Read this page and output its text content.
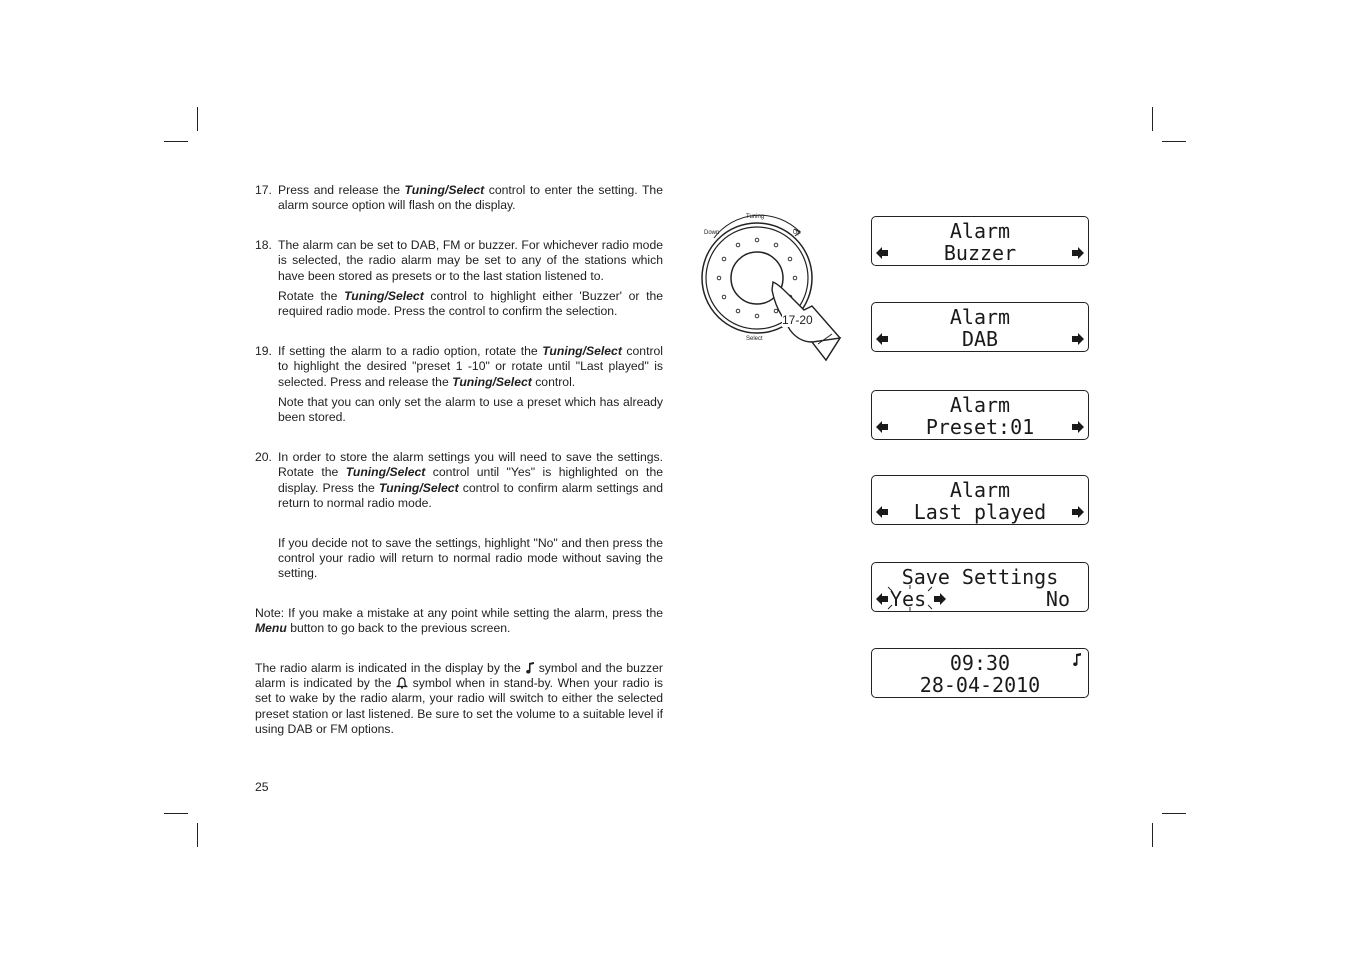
17. Press and release the Tuning/Select control to enter the setting. The alarm source option will flash on the display.

18. The alarm can be set to DAB, FM or buzzer. For whichever radio mode is selected, the radio alarm may be set to any of the stations which have been stored as presets or to the last station listened to.

Rotate the Tuning/Select control to highlight either 'Buzzer' or the required radio mode. Press the control to confirm the selection.

19. If setting the alarm to a radio option, rotate the Tuning/Select control to highlight the desired "preset 1 -10" or rotate until "Last played" is selected. Press and release the Tuning/Select control.

Note that you can only set the alarm to use a preset which has already been stored.

20. In order to store the alarm settings you will need to save the settings. Rotate the Tuning/Select control until "Yes" is highlighted on the display. Press the Tuning/Select control to confirm alarm settings and return to normal radio mode.

If you decide not to save the settings, highlight "No" and then press the control your radio will return to normal radio mode without saving the setting.

Note: If you make a mistake at any point while setting the alarm, press the Menu button to go back to the previous screen.

The radio alarm is indicated in the display by the  symbol and the buzzer alarm is indicated by the  symbol when in stand-by. When your radio is set to wake by the radio alarm, your radio will switch to either the selected preset station or last listened. Be sure to set the volume to a suitable level if using DAB or FM options.

25
Tuning
Down	Up
Select
17-20
Alarm
Buzzer
Alarm
DAB
Alarm
Preset:01
Alarm
Last played
Save Settings
Yes	No
09:30
28-04-2010
